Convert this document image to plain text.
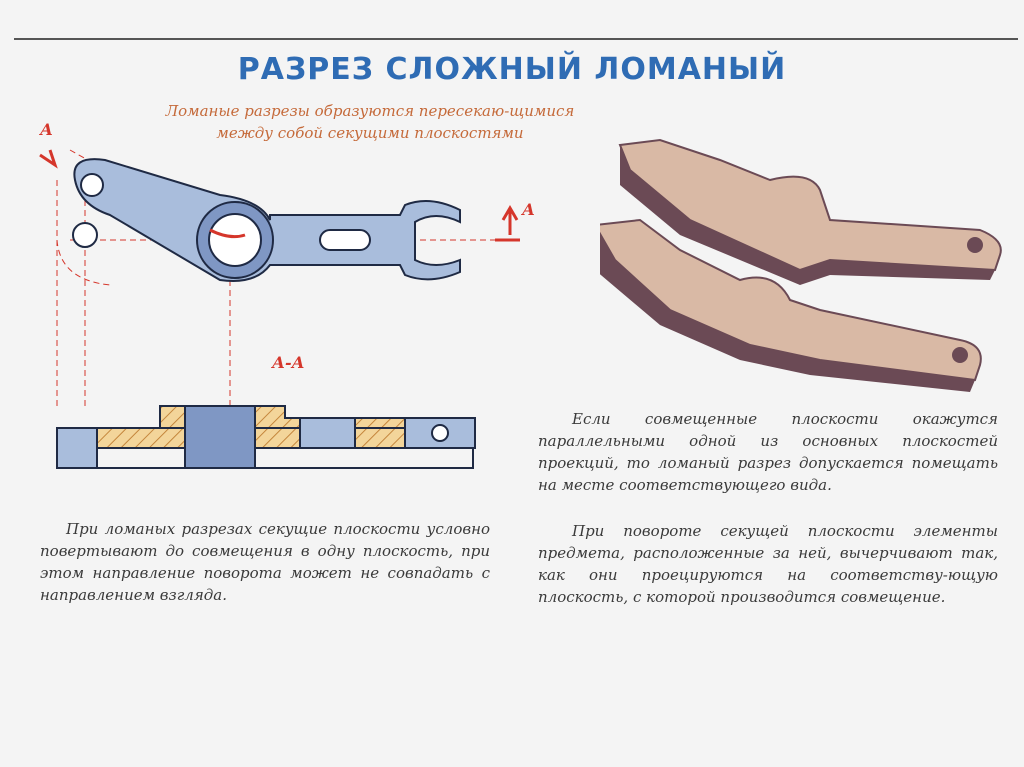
РАЗРЕЗ СЛОЖНЫЙ ЛОМАНЫЙ
Ломаные разрезы образуются пересекаю-щимися между собой секущими плоскостями
А
А
А-А
При ломаных разрезах секущие плоскости условно повертывают до совмещения в одну плоскость, при этом направление поворота может не совпадать с направлением взгляда.
Если совмещенные плоскости окажутся параллельными одной из основных плоскостей проекций, то ломаный разрез допускается помещать на месте соответствующего вида.
При повороте секущей плоскости элементы предмета, расположенные за ней, вычерчивают так, как они проецируются на соответству-ющую плоскость, с которой производится совмещение.
